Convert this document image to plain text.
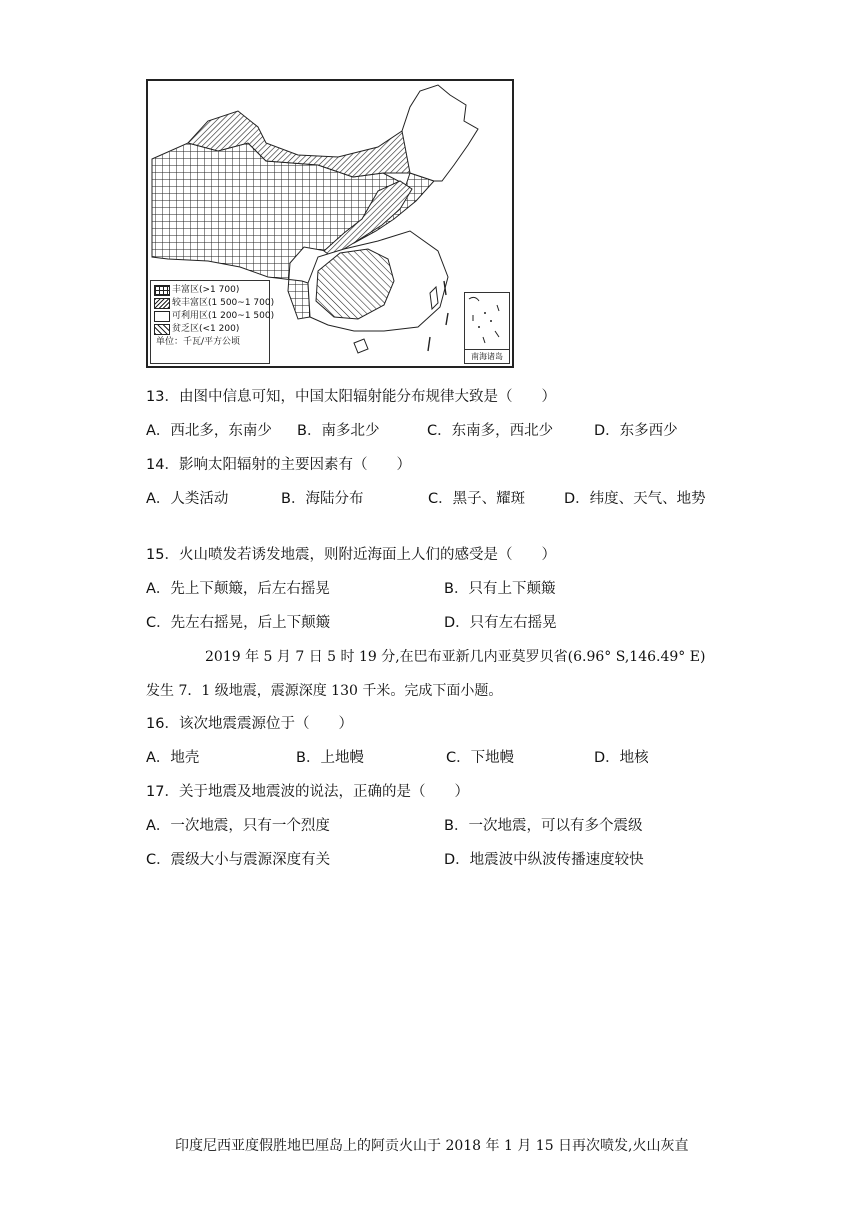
丰富区(>1 700)
较丰富区(1 500~1 700)
可利用区(1 200~1 500)
贫乏区(<1 200)
单位：千瓦/平方公顷
南海诸岛
13．由图中信息可知，中国太阳辐射能分布规律大致是（　　）
A．西北多，东南少 B．南多北少	C．东南多，西北少	D．东多西少
14．影响太阳辐射的主要因素有（　　）
A．人类活动	B．海陆分布	C．黑子、耀斑	D．纬度、天气、地势
15．火山喷发若诱发地震，则附近海面上人们的感受是（　　）
A．先上下颠簸，后左右摇晃	B．只有上下颠簸
C．先左右摇晃，后上下颠簸	D．只有左右摇晃
2019 年 5 月 7 日 5 时 19 分,在巴布亚新几内亚莫罗贝省(6.96° S,146.49° E)
发生 7．1 级地震，震源深度 130 千米。完成下面小题。
16．该次地震震源位于（　　）
A．地壳	B．上地幔	C．下地幔	D．地核
17．关于地震及地震波的说法，正确的是（　　）
A．一次地震，只有一个烈度	B．一次地震，可以有多个震级
C．震级大小与震源深度有关	D．地震波中纵波传播速度较快
印度尼西亚度假胜地巴厘岛上的阿贡火山于 2018 年 1 月 15 日再次喷发,火山灰直
